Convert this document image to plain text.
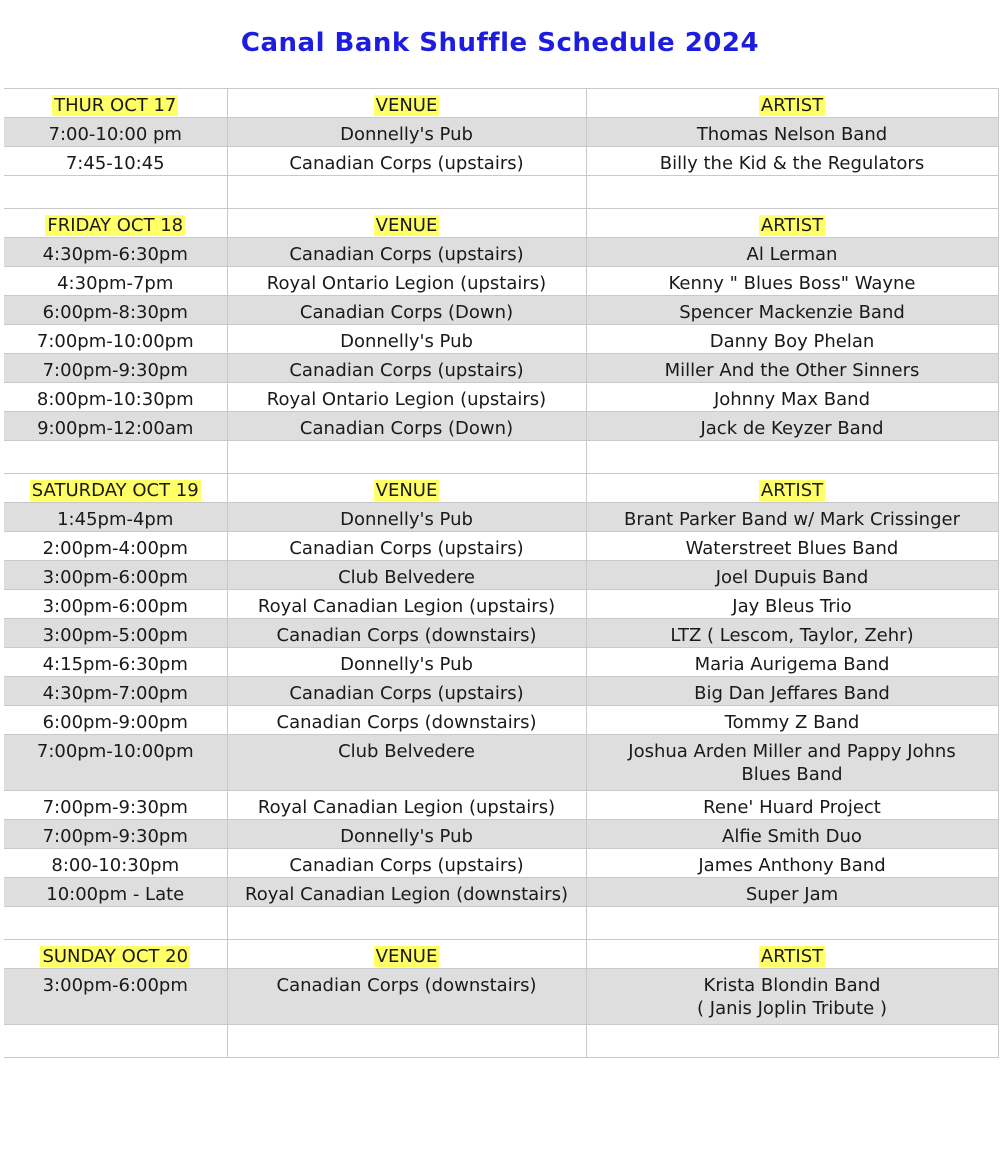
Canal Bank Shuffle Schedule 2024
THUR OCT 17	VENUE	ARTIST
7:00-10:00 pm	Donnelly's Pub	Thomas Nelson Band
7:45-10:45	Canadian Corps (upstairs)	Billy the Kid & the Regulators

FRIDAY OCT 18	VENUE	ARTIST
4:30pm-6:30pm	Canadian Corps (upstairs)	Al Lerman
4:30pm-7pm	Royal Ontario Legion (upstairs)	Kenny " Blues Boss" Wayne
6:00pm-8:30pm	Canadian Corps (Down)	Spencer Mackenzie Band
7:00pm-10:00pm	Donnelly's Pub	Danny Boy Phelan
7:00pm-9:30pm	Canadian Corps (upstairs)	Miller And the Other Sinners
8:00pm-10:30pm	Royal Ontario Legion (upstairs)	Johnny Max Band
9:00pm-12:00am	Canadian Corps (Down)	Jack de Keyzer Band

SATURDAY OCT 19	VENUE	ARTIST
1:45pm-4pm	Donnelly's Pub	Brant Parker Band w/ Mark Crissinger
2:00pm-4:00pm	Canadian Corps (upstairs)	Waterstreet Blues Band
3:00pm-6:00pm	Club Belvedere	Joel Dupuis Band
3:00pm-6:00pm	Royal Canadian Legion (upstairs)	Jay Bleus Trio
3:00pm-5:00pm	Canadian Corps (downstairs)	LTZ ( Lescom, Taylor, Zehr)
4:15pm-6:30pm	Donnelly's Pub	Maria Aurigema Band
4:30pm-7:00pm	Canadian Corps (upstairs)	Big Dan Jeffares Band
6:00pm-9:00pm	Canadian Corps (downstairs)	Tommy Z Band
7:00pm-10:00pm	Club Belvedere	Joshua Arden Miller and Pappy Johns
Blues Band
7:00pm-9:30pm	Royal Canadian Legion (upstairs)	Rene' Huard Project
7:00pm-9:30pm	Donnelly's Pub	Alfie Smith Duo
8:00-10:30pm	Canadian Corps (upstairs)	James Anthony Band
10:00pm - Late	Royal Canadian Legion (downstairs)	Super Jam

SUNDAY OCT 20	VENUE	ARTIST
3:00pm-6:00pm	Canadian Corps (downstairs)	Krista Blondin Band
( Janis Joplin Tribute )
